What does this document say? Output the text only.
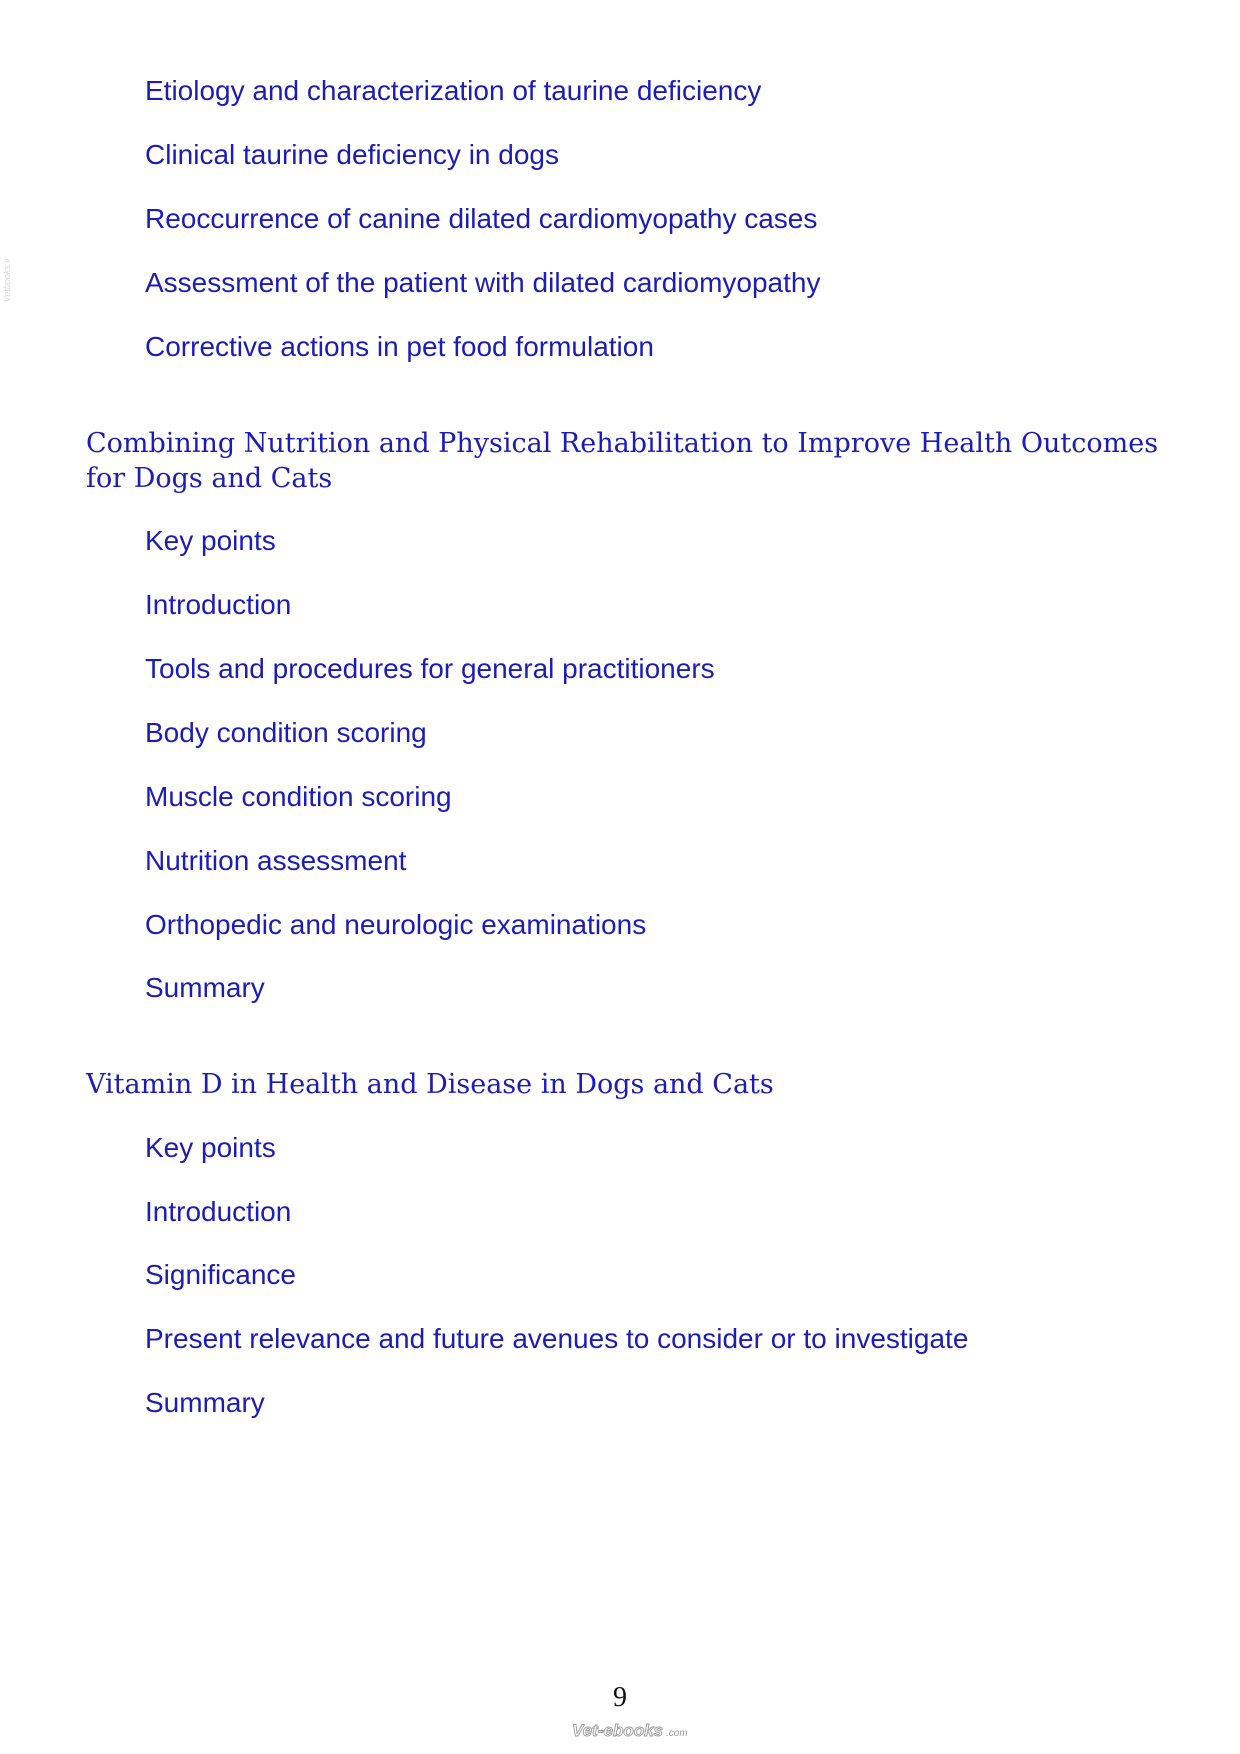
Vetbooks.ir
Etiology and characterization of taurine deficiency
Clinical taurine deficiency in dogs
Reoccurrence of canine dilated cardiomyopathy cases
Assessment of the patient with dilated cardiomyopathy
Corrective actions in pet food formulation
Combining Nutrition and Physical Rehabilitation to Improve Health Outcomes for Dogs and Cats
Key points
Introduction
Tools and procedures for general practitioners
Body condition scoring
Muscle condition scoring
Nutrition assessment
Orthopedic and neurologic examinations
Summary
Vitamin D in Health and Disease in Dogs and Cats
Key points
Introduction
Significance
Present relevance and future avenues to consider or to investigate
Summary
9
Vet-ebooks .com
